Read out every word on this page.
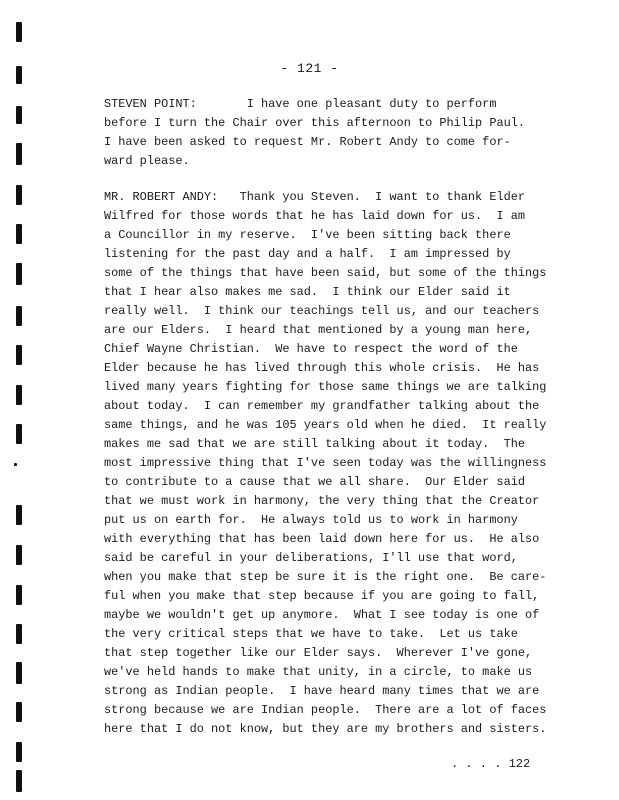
- 121 -
STEVEN POINT:       I have one pleasant duty to perform
before I turn the Chair over this afternoon to Philip Paul.
I have been asked to request Mr. Robert Andy to come for-
ward please.
MR. ROBERT ANDY:   Thank you Steven.  I want to thank Elder
Wilfred for those words that he has laid down for us.  I am
a Councillor in my reserve.  I've been sitting back there
listening for the past day and a half.  I am impressed by
some of the things that have been said, but some of the things
that I hear also makes me sad.  I think our Elder said it
really well.  I think our teachings tell us, and our teachers
are our Elders.  I heard that mentioned by a young man here,
Chief Wayne Christian.  We have to respect the word of the
Elder because he has lived through this whole crisis.  He has
lived many years fighting for those same things we are talking
about today.  I can remember my grandfather talking about the
same things, and he was 105 years old when he died.  It really
makes me sad that we are still talking about it today.  The
most impressive thing that I've seen today was the willingness
to contribute to a cause that we all share.  Our Elder said
that we must work in harmony, the very thing that the Creator
put us on earth for.  He always told us to work in harmony
with everything that has been laid down here for us.  He also
said be careful in your deliberations, I'll use that word,
when you make that step be sure it is the right one.  Be care-
ful when you make that step because if you are going to fall,
maybe we wouldn't get up anymore.  What I see today is one of
the very critical steps that we have to take.  Let us take
that step together like our Elder says.  Wherever I've gone,
we've held hands to make that unity, in a circle, to make us
strong as Indian people.  I have heard many times that we are
strong because we are Indian people.  There are a lot of faces
here that I do not know, but they are my brothers and sisters.
. . . . 122
